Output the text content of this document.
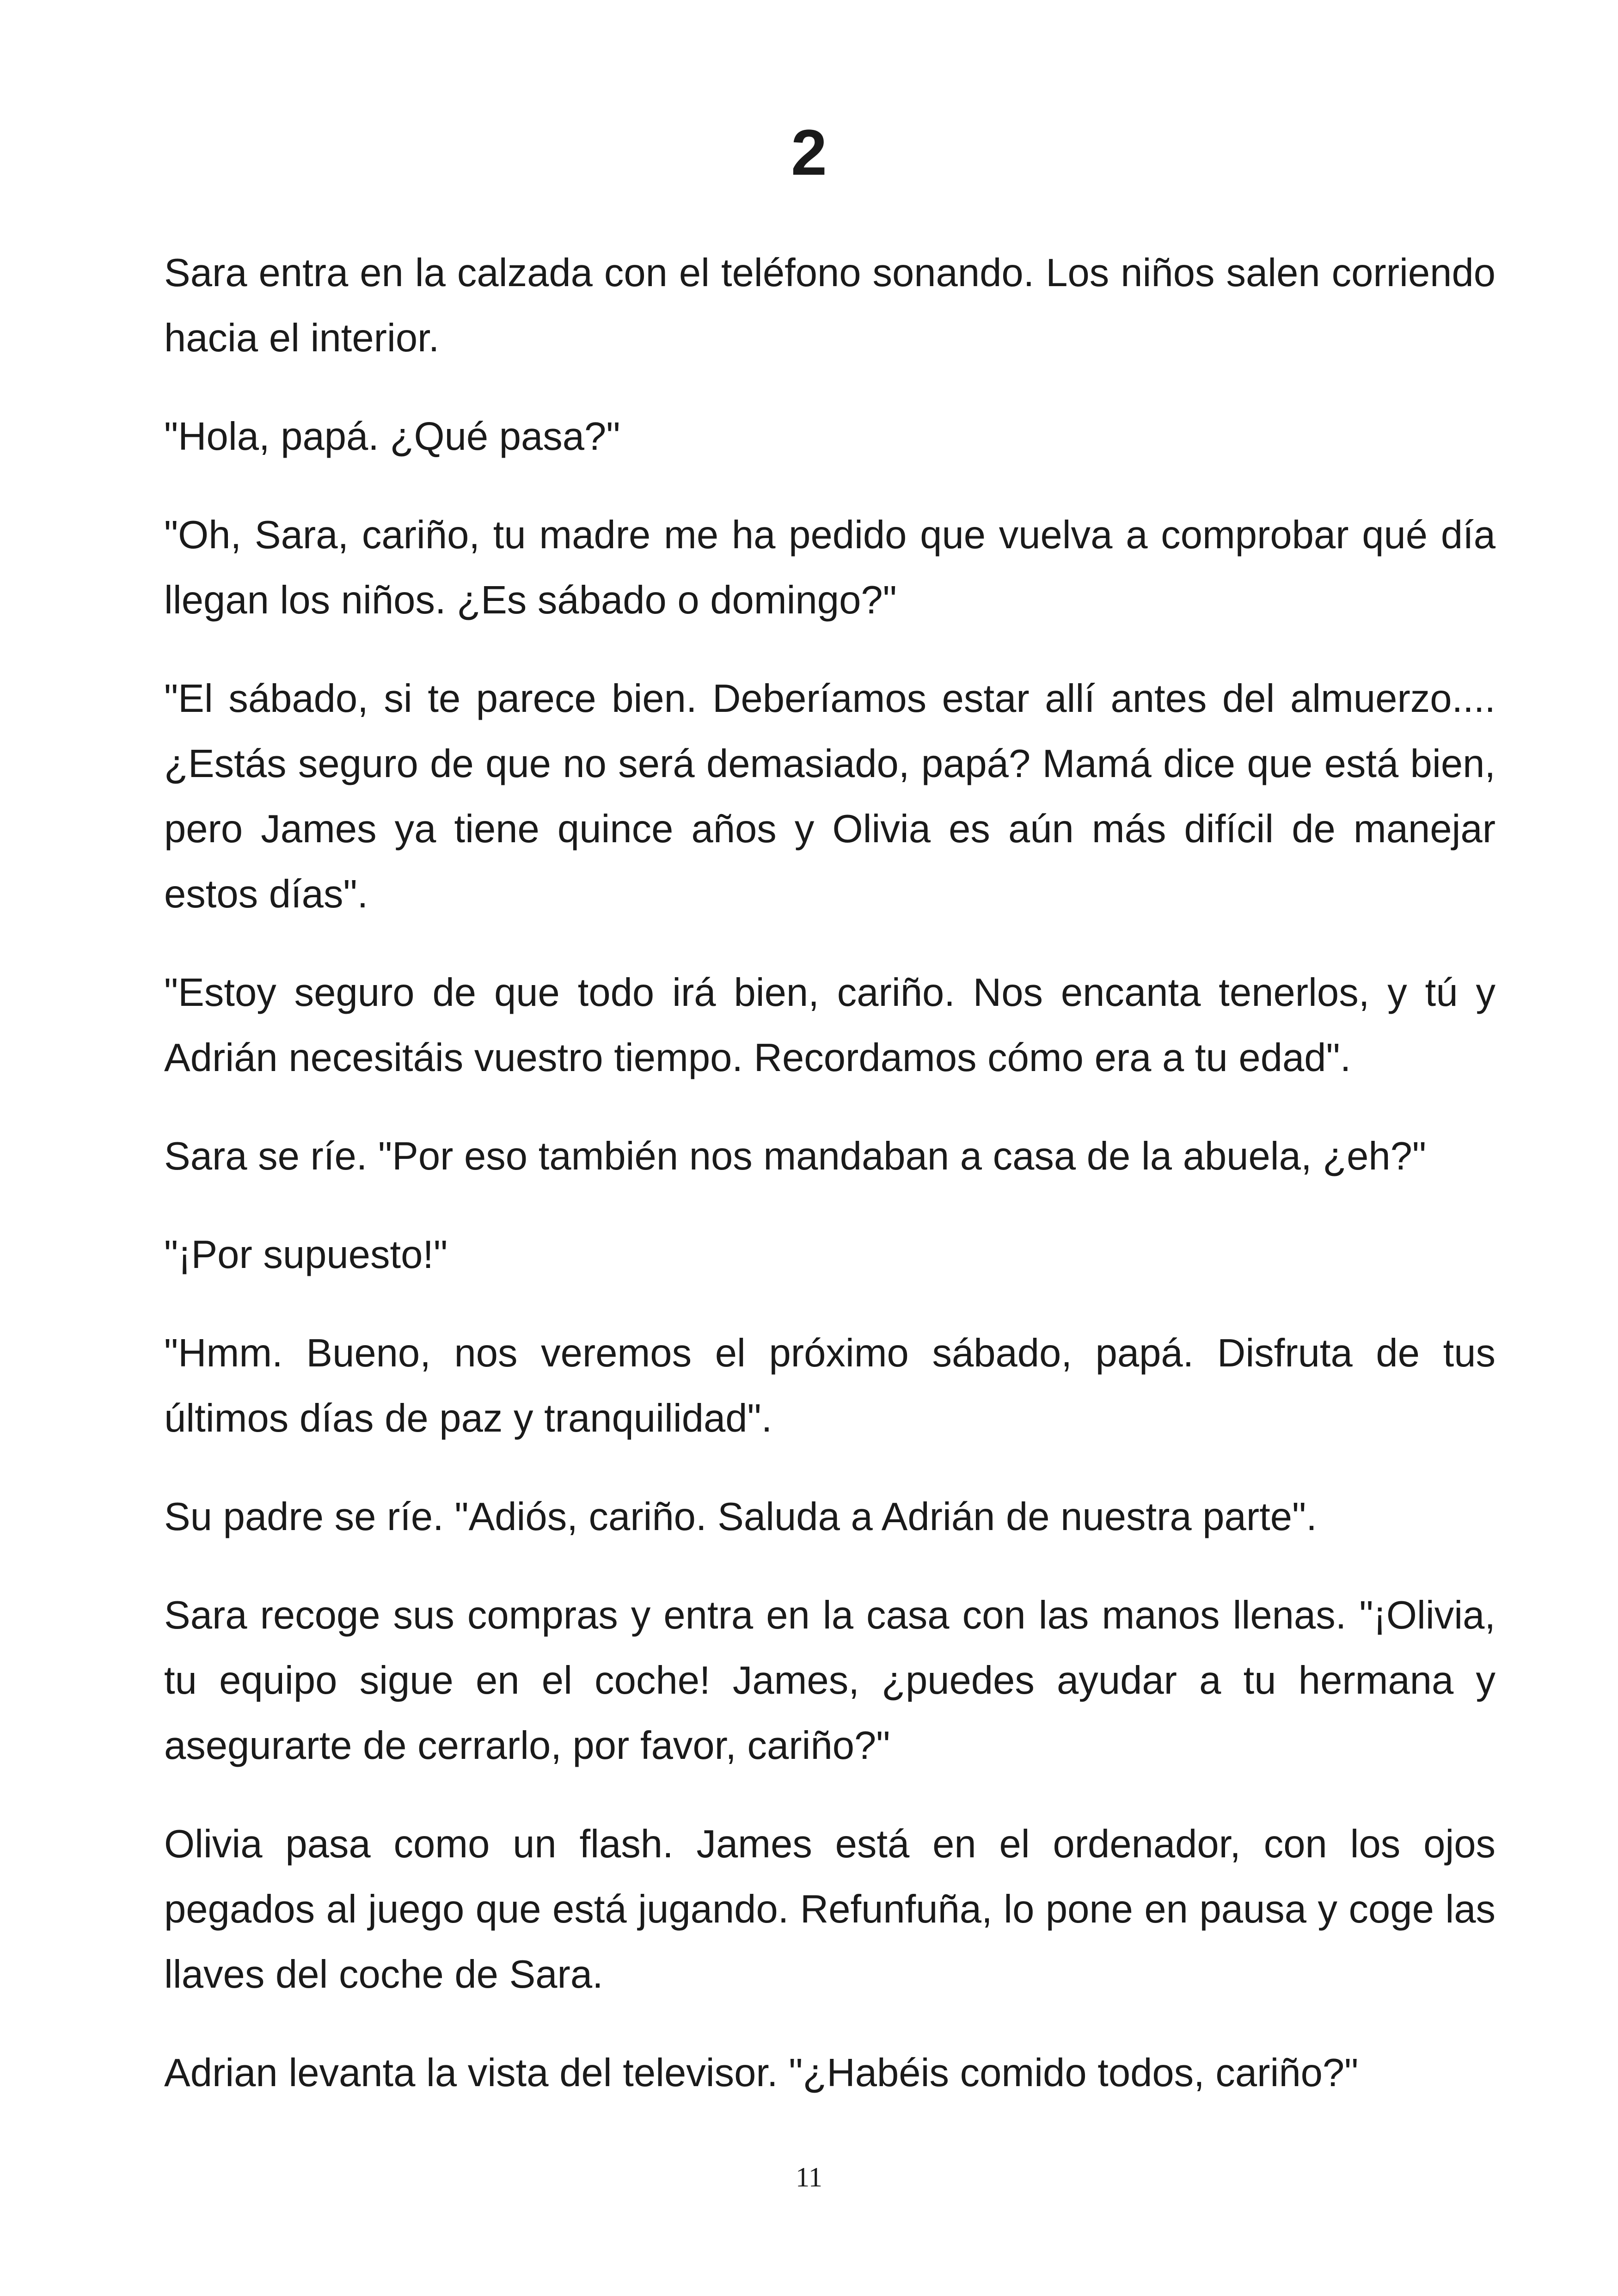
2

Sara entra en la calzada con el teléfono sonando. Los niños salen corriendo hacia el interior.

"Hola, papá. ¿Qué pasa?"

"Oh, Sara, cariño, tu madre me ha pedido que vuelva a comprobar qué día llegan los niños. ¿Es sábado o domingo?"

"El sábado, si te parece bien. Deberíamos estar allí antes del almuerzo.... ¿Estás seguro de que no será demasiado, papá? Mamá dice que está bien, pero James ya tiene quince años y Olivia es aún más difícil de manejar estos días".

"Estoy seguro de que todo irá bien, cariño. Nos encanta tenerlos, y tú y Adrián necesitáis vuestro tiempo. Recordamos cómo era a tu edad".

Sara se ríe. "Por eso también nos mandaban a casa de la abuela, ¿eh?"

"¡Por supuesto!"

"Hmm. Bueno, nos veremos el próximo sábado, papá. Disfruta de tus últimos días de paz y tranquilidad".

Su padre se ríe. "Adiós, cariño. Saluda a Adrián de nuestra parte".

Sara recoge sus compras y entra en la casa con las manos llenas. "¡Olivia, tu equipo sigue en el coche! James, ¿puedes ayudar a tu hermana y asegurarte de cerrarlo, por favor, cariño?"

Olivia pasa como un flash. James está en el ordenador, con los ojos pegados al juego que está jugando. Refunfuña, lo pone en pausa y coge las llaves del coche de Sara.

Adrian levanta la vista del televisor. "¿Habéis comido todos, cariño?"

11
